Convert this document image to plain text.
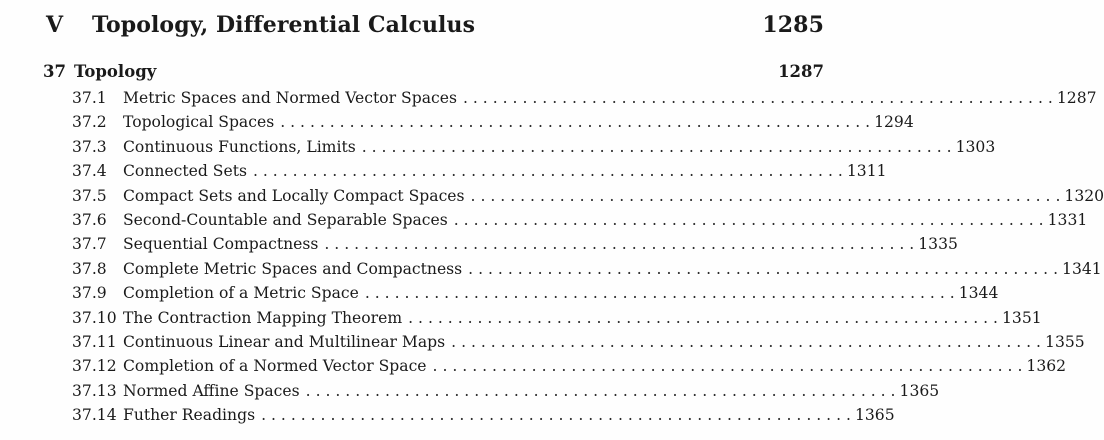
V	Topology, Differential Calculus	1285
37 Topology	1287
37.1	Metric Spaces and Normed Vector Spaces . . . . . . . . . . . . . . . . . . . . . . . . . . . . . . . . . . . . . . . . . . . . . . . . . . . . . . . . . . . . 1287
37.2	Topological Spaces . . . . . . . . . . . . . . . . . . . . . . . . . . . . . . . . . . . . . . . . . . . . . . . . . . . . . . . . . . . . 1294
37.3	Continuous Functions, Limits . . . . . . . . . . . . . . . . . . . . . . . . . . . . . . . . . . . . . . . . . . . . . . . . . . . . . . . . . . . . 1303
37.4	Connected Sets . . . . . . . . . . . . . . . . . . . . . . . . . . . . . . . . . . . . . . . . . . . . . . . . . . . . . . . . . . . . 1311
37.5	Compact Sets and Locally Compact Spaces . . . . . . . . . . . . . . . . . . . . . . . . . . . . . . . . . . . . . . . . . . . . . . . . . . . . . . . . . . . . 1320
37.6	Second-Countable and Separable Spaces . . . . . . . . . . . . . . . . . . . . . . . . . . . . . . . . . . . . . . . . . . . . . . . . . . . . . . . . . . . . 1331
37.7	Sequential Compactness . . . . . . . . . . . . . . . . . . . . . . . . . . . . . . . . . . . . . . . . . . . . . . . . . . . . . . . . . . . . 1335
37.8	Complete Metric Spaces and Compactness . . . . . . . . . . . . . . . . . . . . . . . . . . . . . . . . . . . . . . . . . . . . . . . . . . . . . . . . . . . . 1341
37.9	Completion of a Metric Space . . . . . . . . . . . . . . . . . . . . . . . . . . . . . . . . . . . . . . . . . . . . . . . . . . . . . . . . . . . . 1344
37.10 The Contraction Mapping Theorem . . . . . . . . . . . . . . . . . . . . . . . . . . . . . . . . . . . . . . . . . . . . . . . . . . . . . . . . . . . . 1351
37.11 Continuous Linear and Multilinear Maps . . . . . . . . . . . . . . . . . . . . . . . . . . . . . . . . . . . . . . . . . . . . . . . . . . . . . . . . . . . . 1355
37.12 Completion of a Normed Vector Space . . . . . . . . . . . . . . . . . . . . . . . . . . . . . . . . . . . . . . . . . . . . . . . . . . . . . . . . . . . . 1362
37.13 Normed Affine Spaces . . . . . . . . . . . . . . . . . . . . . . . . . . . . . . . . . . . . . . . . . . . . . . . . . . . . . . . . . . . . 1365
37.14 Futher Readings . . . . . . . . . . . . . . . . . . . . . . . . . . . . . . . . . . . . . . . . . . . . . . . . . . . . . . . . . . . . 1365
